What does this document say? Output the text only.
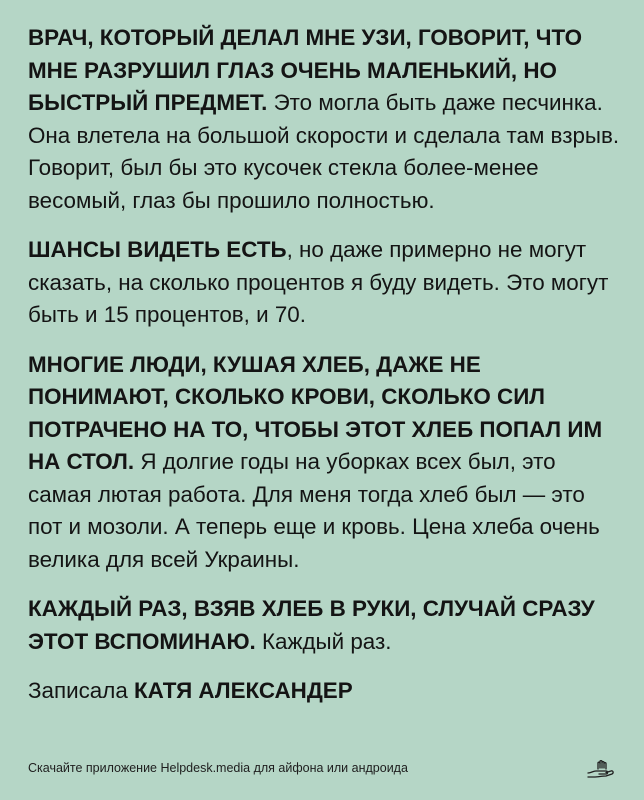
ВРАЧ, КОТОРЫЙ ДЕЛАЛ МНЕ УЗИ, ГОВОРИТ, ЧТО МНЕ РАЗРУШИЛ ГЛАЗ ОЧЕНЬ МАЛЕНЬКИЙ, НО БЫСТРЫЙ ПРЕДМЕТ. Это могла быть даже песчинка. Она влетела на большой скорости и сделала там взрыв. Говорит, был бы это кусочек стекла более-менее весомый, глаз бы прошило полностью.

ШАНСЫ ВИДЕТЬ ЕСТЬ, но даже примерно не могут сказать, на сколько процентов я буду видеть. Это могут быть и 15 процентов, и 70.

МНОГИЕ ЛЮДИ, КУШАЯ ХЛЕБ, ДАЖЕ НЕ ПОНИМАЮТ, СКОЛЬКО КРОВИ, СКОЛЬКО СИЛ ПОТРАЧЕНО НА ТО, ЧТОБЫ ЭТОТ ХЛЕБ ПОПАЛ ИМ НА СТОЛ. Я долгие годы на уборках всех был, это самая лютая работа. Для меня тогда хлеб был — это пот и мозоли. А теперь еще и кровь. Цена хлеба очень велика для всей Украины.

КАЖДЫЙ РАЗ, ВЗЯВ ХЛЕБ В РУКИ, СЛУЧАЙ СРАЗУ ЭТОТ ВСПОМИНАЮ. Каждый раз.

Записала КАТЯ АЛЕКСАНДЕР

Скачайте приложение Helpdesk.media для айфона или андроида
